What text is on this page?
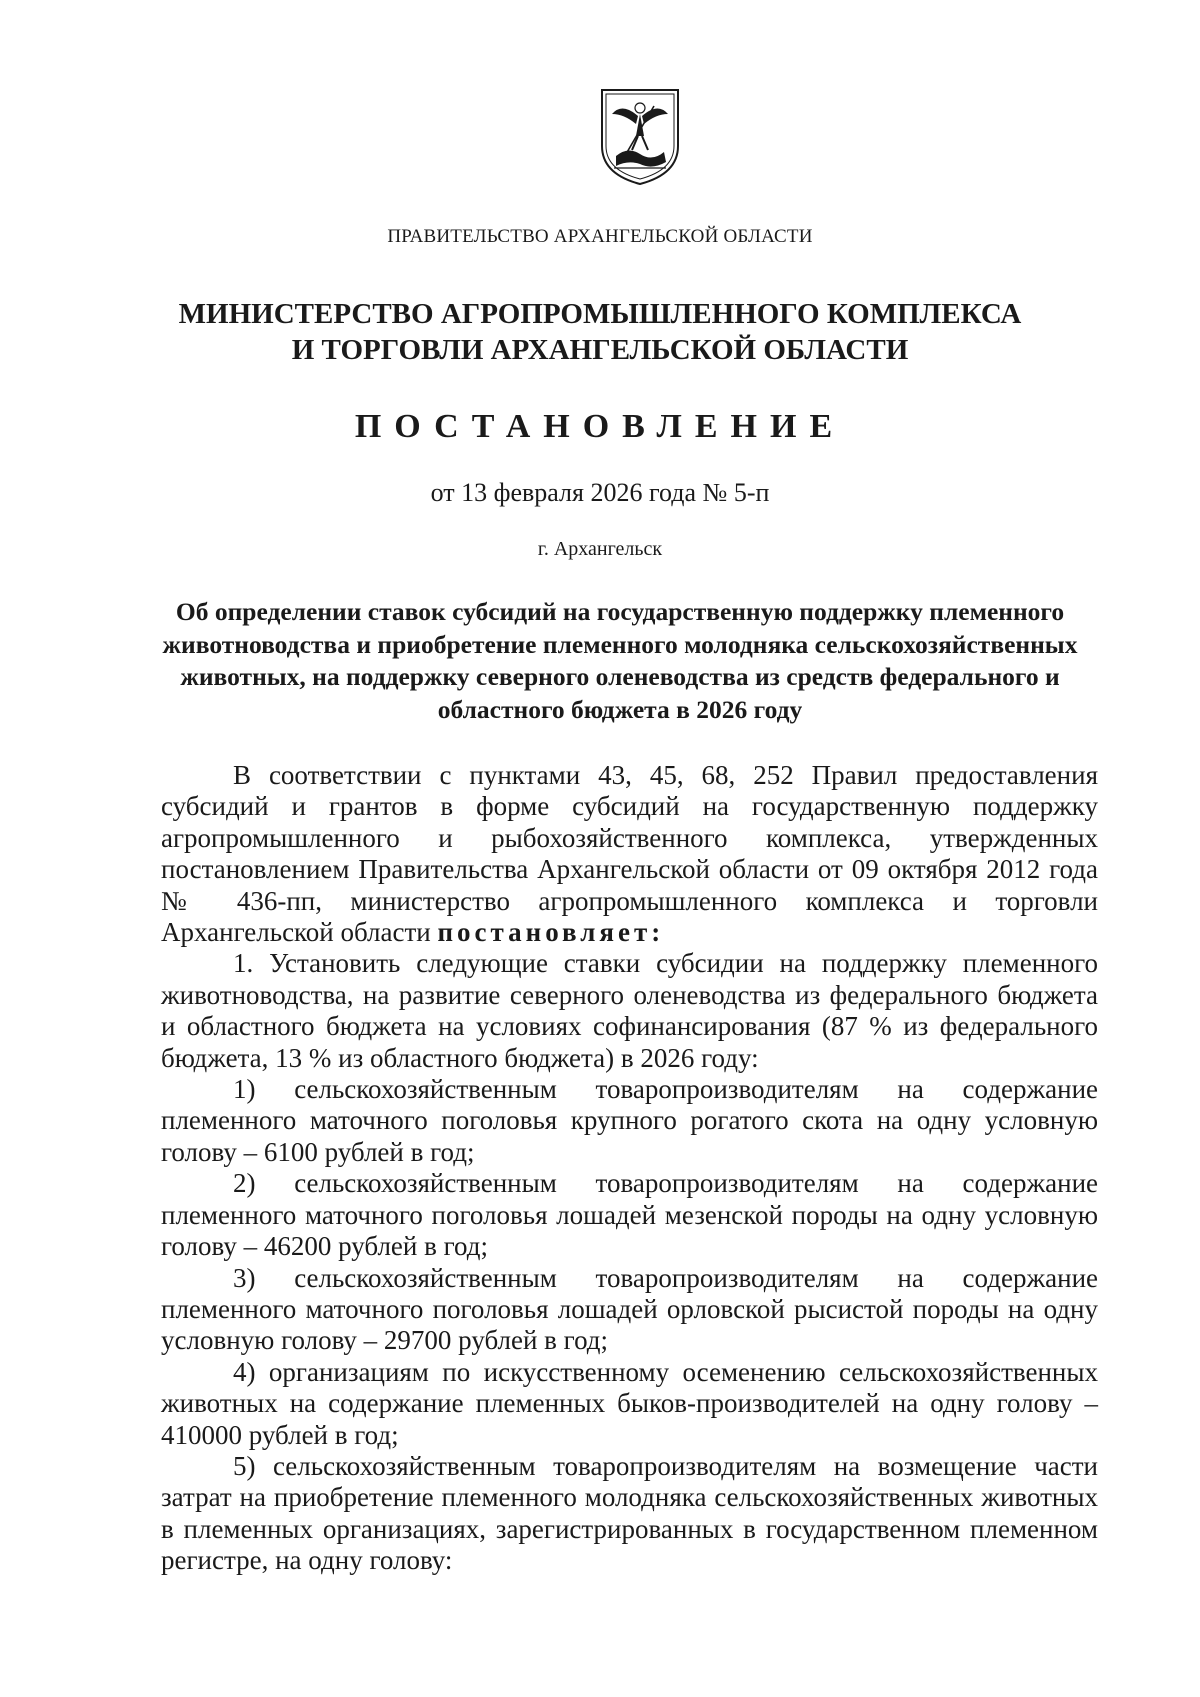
ПРАВИТЕЛЬСТВО АРХАНГЕЛЬСКОЙ ОБЛАСТИ
МИНИСТЕРСТВО АГРОПРОМЫШЛЕННОГО КОМПЛЕКСА
И ТОРГОВЛИ АРХАНГЕЛЬСКОЙ ОБЛАСТИ
ПОСТАНОВЛЕНИЕ
от 13 февраля 2026 года № 5-п
г. Архангельск
Об определении ставок субсидий на государственную поддержку племенного животноводства и приобретение племенного молодняка сельскохозяйственных животных, на поддержку северного оленеводства из средств федерального и областного бюджета в 2026 году

В соответствии с пунктами 43, 45, 68, 252 Правил предоставления субсидий и грантов в форме субсидий на государственную поддержку агропромышленного и рыбохозяйственного комплекса, утвержденных постановлением Правительства Архангельской области от 09 октября 2012 года № 436-пп, министерство агропромышленного комплекса и торговли Архангельской области постановляет:

1. Установить следующие ставки субсидии на поддержку племенного животноводства, на развитие северного оленеводства из федерального бюджета и областного бюджета на условиях софинансирования (87 % из федерального бюджета, 13 % из областного бюджета) в 2026 году:

1) сельскохозяйственным товаропроизводителям на содержание племенного маточного поголовья крупного рогатого скота на одну условную голову – 6100 рублей в год;

2) сельскохозяйственным товаропроизводителям на содержание племенного маточного поголовья лошадей мезенской породы на одну условную голову – 46200 рублей в год;

3) сельскохозяйственным товаропроизводителям на содержание племенного маточного поголовья лошадей орловской рысистой породы на одну условную голову – 29700 рублей в год;

4) организациям по искусственному осеменению сельскохозяйственных животных на содержание племенных быков-производителей на одну голову – 410000 рублей в год;

5) сельскохозяйственным товаропроизводителям на возмещение части затрат на приобретение племенного молодняка сельскохозяйственных животных в племенных организациях, зарегистрированных в государственном племенном регистре, на одну голову:
